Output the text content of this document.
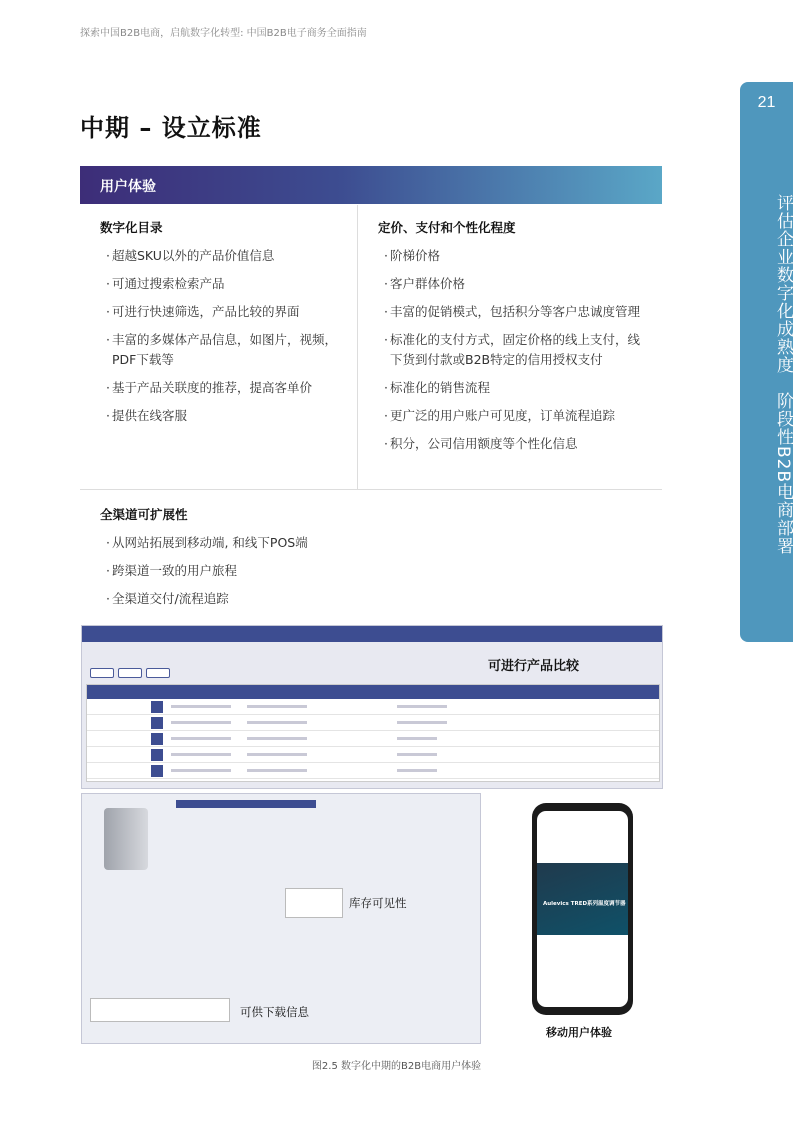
探索中国B2B电商，启航数字化转型: 中国B2B电子商务全面指南
21
评估企业数字化成熟度　阶段性B2B电商部署
中期 – 设立标准
用户体验
数字化目录
· 超越SKU以外的产品价值信息
· 可通过搜索检索产品
· 可进行快速筛选，产品比较的界面
· 丰富的多媒体产品信息，如图片，视频，PDF下载等
· 基于产品关联度的推荐，提高客单价
· 提供在线客服
定价、支付和个性化程度
· 阶梯价格
· 客户群体价格
· 丰富的促销模式，包括积分等客户忠诚度管理
· 标准化的支付方式，固定价格的线上支付，线下货到付款或B2B特定的信用授权支付
· 标准化的销售流程
· 更广泛的用户账户可见度，订单流程追踪
· 积分，公司信用额度等个性化信息
全渠道可扩展性
· 从网站拓展到移动端, 和线下POS端
· 跨渠道一致的用户旅程
· 全渠道交付/流程追踪
可进行产品比较
库存可见性
可供下载信息
Aulevics TRED系列温度调节器
移动用户体验
图2.5 数字化中期的B2B电商用户体验
